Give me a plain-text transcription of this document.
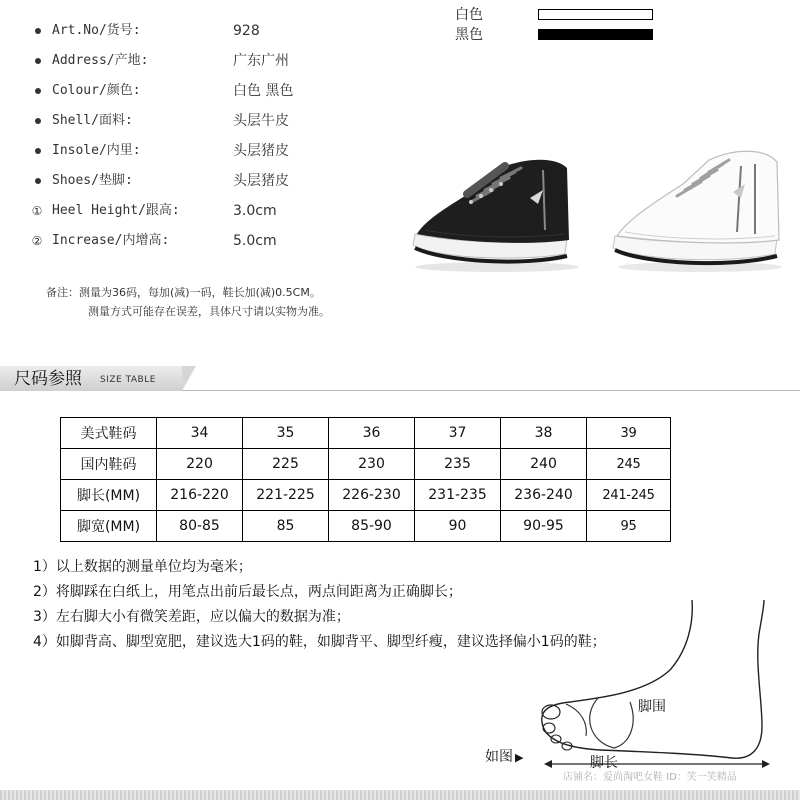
Art.No/货号:	928
Address/产地:	广东广州
Colour/颜色:	白色 黑色
Shell/面料:	头层牛皮
Insole/内里:	头层猪皮
Shoes/垫脚:	头层猪皮
① Heel Height/跟高:	3.0cm
② Increase/内增高:	5.0cm
白色
黑色
备注：测量为36码，每加(减)一码，鞋长加(减)0.5CM。
测量方式可能存在误差，具体尺寸请以实物为准。
尺码参照 SIZE TABLE
美式鞋码	34	35	36	37	38	39
国内鞋码	220	225	230	235	240	245
脚长(MM)	216-220	221-225	226-230	231-235	236-240	241-245
脚宽(MM)	80-85	85	85-90	90	90-95	95
1）以上数据的测量单位均为毫米；
2）将脚踩在白纸上，用笔点出前后最长点，两点间距离为正确脚长；
3）左右脚大小有微笑差距，应以偏大的数据为准；
4）如脚背高、脚型宽肥，建议选大1码的鞋，如脚背平、脚型纤瘦，建议选择偏小1码的鞋；
脚围
脚长
如图 ▶
店铺名：爱尚淘吧女鞋 ID：笑一笑精品
